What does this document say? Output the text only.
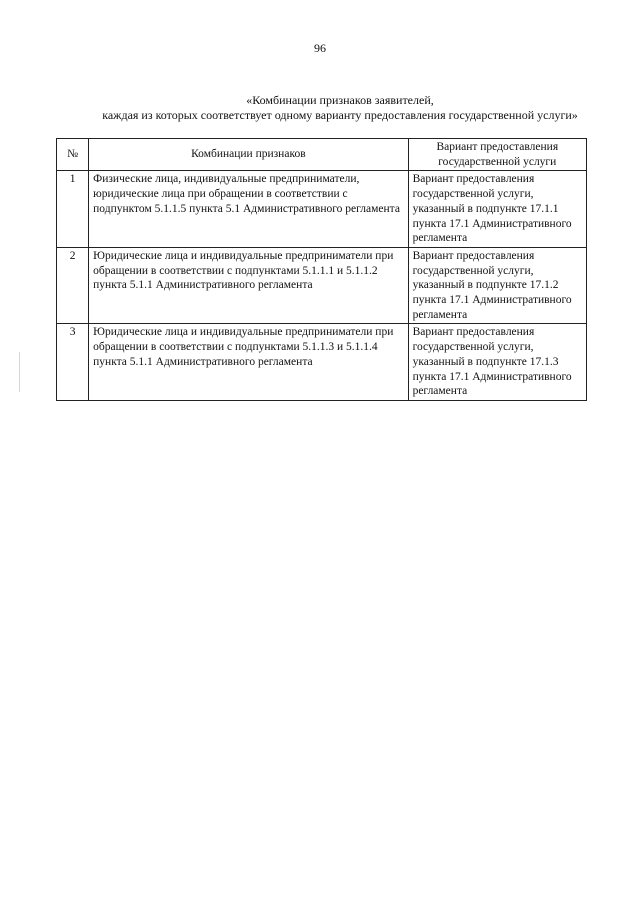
96
«Комбинации признаков заявителей,
каждая из которых соответствует одному варианту предоставления государственной услуги»
№	Комбинации признаков	Вариант предоставления государственной услуги
1	Физические лица, индивидуальные предприниматели, юридические лица при обращении в соответствии с подпунктом 5.1.1.5 пункта 5.1 Административного регламента	Вариант предоставления государственной услуги, указанный в подпункте 17.1.1 пункта 17.1 Административного регламента
2	Юридические лица и индивидуальные предприниматели при обращении в соответствии с подпунктами 5.1.1.1 и 5.1.1.2 пункта 5.1.1 Административного регламента	Вариант предоставления государственной услуги, указанный в подпункте 17.1.2 пункта 17.1 Административного регламента
3	Юридические лица и индивидуальные предприниматели при обращении в соответствии с подпунктами 5.1.1.3 и 5.1.1.4 пункта 5.1.1 Административного регламента	Вариант предоставления государственной услуги, указанный в подпункте 17.1.3 пункта 17.1 Административного регламента
